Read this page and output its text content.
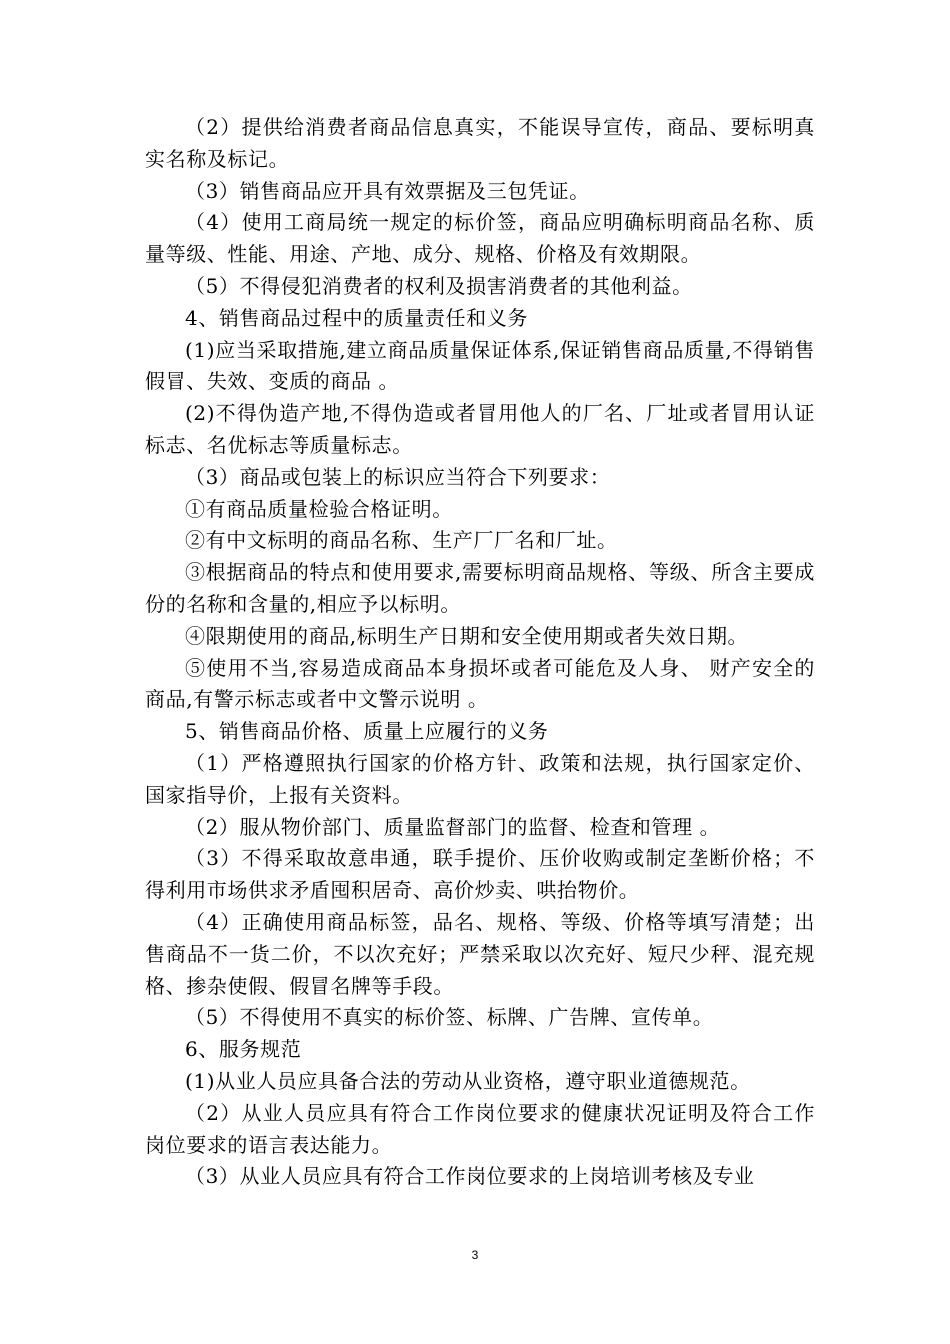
（2）提供给消费者商品信息真实，不能误导宣传，商品、要标明真实名称及标记。

（3）销售商品应开具有效票据及三包凭证。

（4）使用工商局统一规定的标价签，商品应明确标明商品名称、质量等级、性能、用途、产地、成分、规格、价格及有效期限。

（5）不得侵犯消费者的权利及损害消费者的其他利益。

4、销售商品过程中的质量责任和义务

(1)应当采取措施,建立商品质量保证体系,保证销售商品质量,不得销售假冒、失效、变质的商品 。

(2)不得伪造产地,不得伪造或者冒用他人的厂名、厂址或者冒用认证标志、名优标志等质量标志。

（3）商品或包装上的标识应当符合下列要求：

①有商品质量检验合格证明。

②有中文标明的商品名称、生产厂厂名和厂址。

③根据商品的特点和使用要求,需要标明商品规格、等级、所含主要成份的名称和含量的,相应予以标明。

④限期使用的商品,标明生产日期和安全使用期或者失效日期。

⑤使用不当,容易造成商品本身损坏或者可能危及人身、 财产安全的商品,有警示标志或者中文警示说明 。

5、销售商品价格、质量上应履行的义务

（1）严格遵照执行国家的价格方针、政策和法规，执行国家定价、国家指导价，上报有关资料。

（2）服从物价部门、质量监督部门的监督、检查和管理 。

（3）不得采取故意串通，联手提价、压价收购或制定垄断价格；不得利用市场供求矛盾囤积居奇、高价炒卖、哄抬物价。

（4）正确使用商品标签，品名、规格、等级、价格等填写清楚；出售商品不一货二价，不以次充好；严禁采取以次充好、短尺少秤、混充规格、掺杂使假、假冒名牌等手段。

（5）不得使用不真实的标价签、标牌、广告牌、宣传单。

6、服务规范

(1)从业人员应具备合法的劳动从业资格，遵守职业道德规范。

（2）从业人员应具有符合工作岗位要求的健康状况证明及符合工作岗位要求的语言表达能力。

（3）从业人员应具有符合工作岗位要求的上岗培训考核及专业

3
